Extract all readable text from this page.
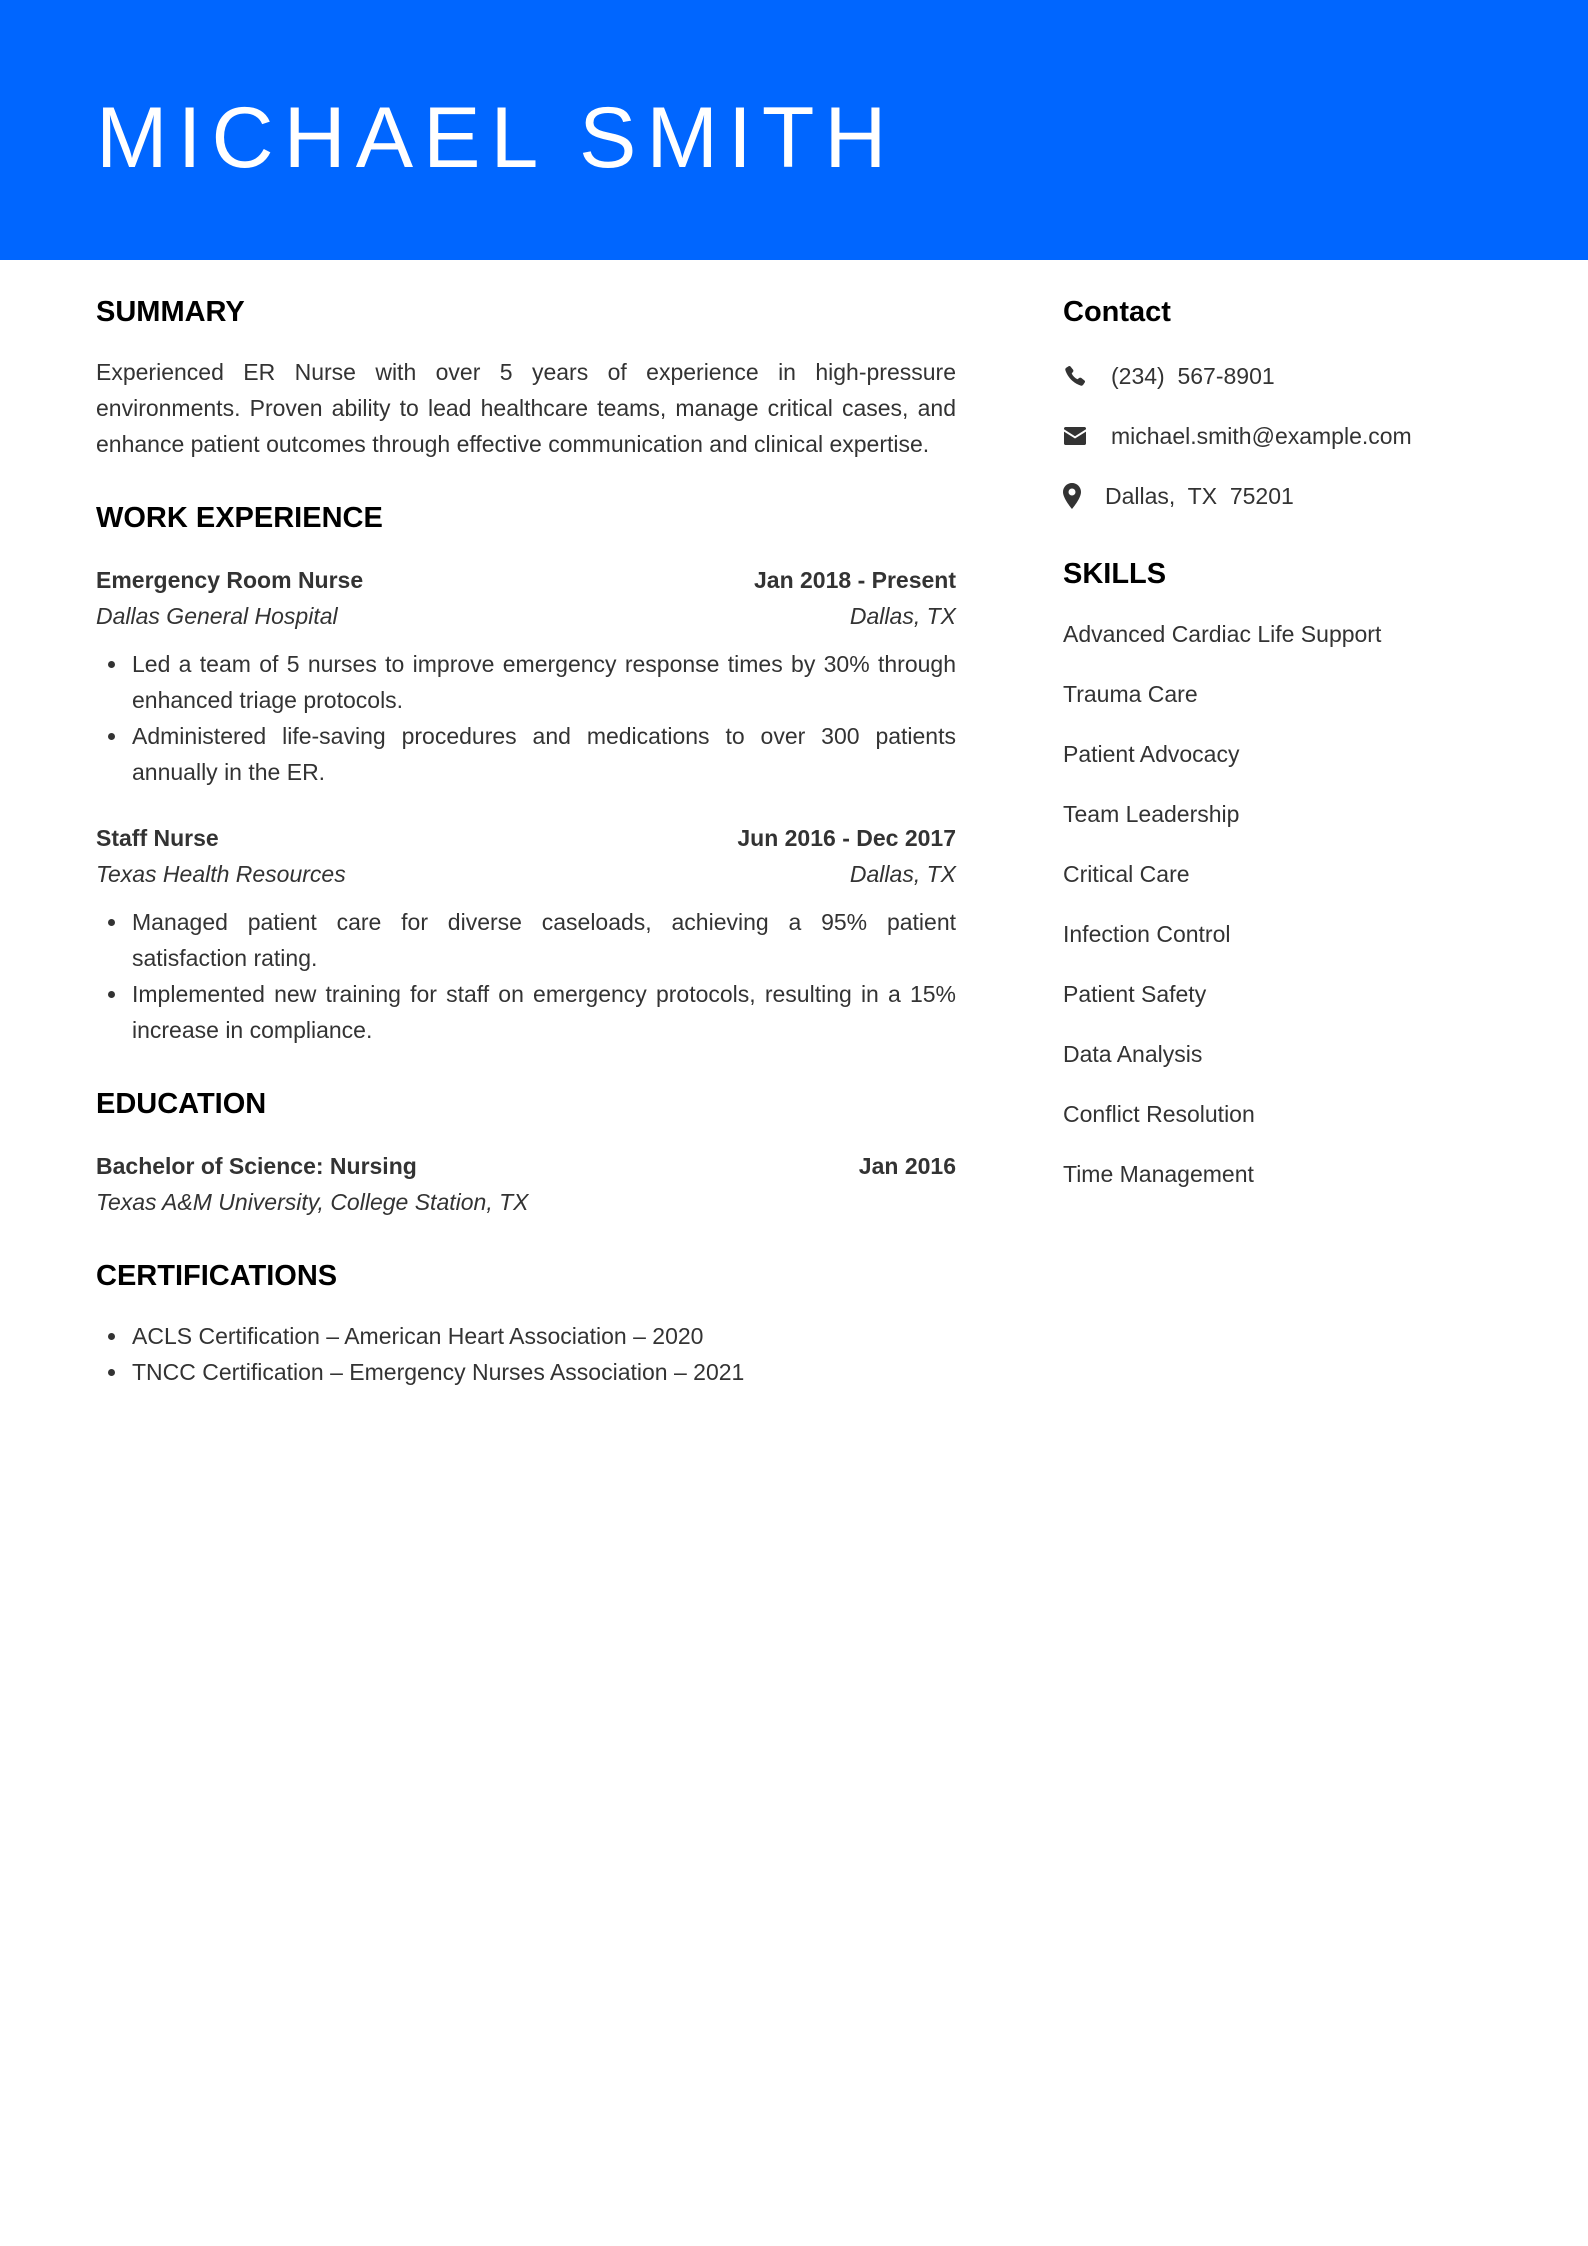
MICHAEL SMITH
SUMMARY

Experienced ER Nurse with over 5 years of experience in high-pressure environments. Proven ability to lead healthcare teams, manage critical cases, and enhance patient outcomes through effective communication and clinical expertise.

WORK EXPERIENCE
Emergency Room Nurse	Jan 2018 - Present
Dallas General Hospital	Dallas, TX
Led a team of 5 nurses to improve emergency response times by 30% through enhanced triage protocols.
Administered life-saving procedures and medications to over 300 patients annually in the ER.
Staff Nurse	Jun 2016 - Dec 2017
Texas Health Resources	Dallas, TX
Managed patient care for diverse caseloads, achieving a 95% patient satisfaction rating.
Implemented new training for staff on emergency protocols, resulting in a 15% increase in compliance.
EDUCATION
Bachelor of Science: Nursing	Jan 2016
Texas A&M University, College Station, TX
CERTIFICATIONS
ACLS Certification – American Heart Association – 2020
TNCC Certification – Emergency Nurses Association – 2021
Contact
(234)  567-8901
michael.smith@example.com
Dallas,  TX  75201
SKILLS
Advanced Cardiac Life Support
Trauma Care
Patient Advocacy
Team Leadership
Critical Care
Infection Control
Patient Safety
Data Analysis
Conflict Resolution
Time Management
